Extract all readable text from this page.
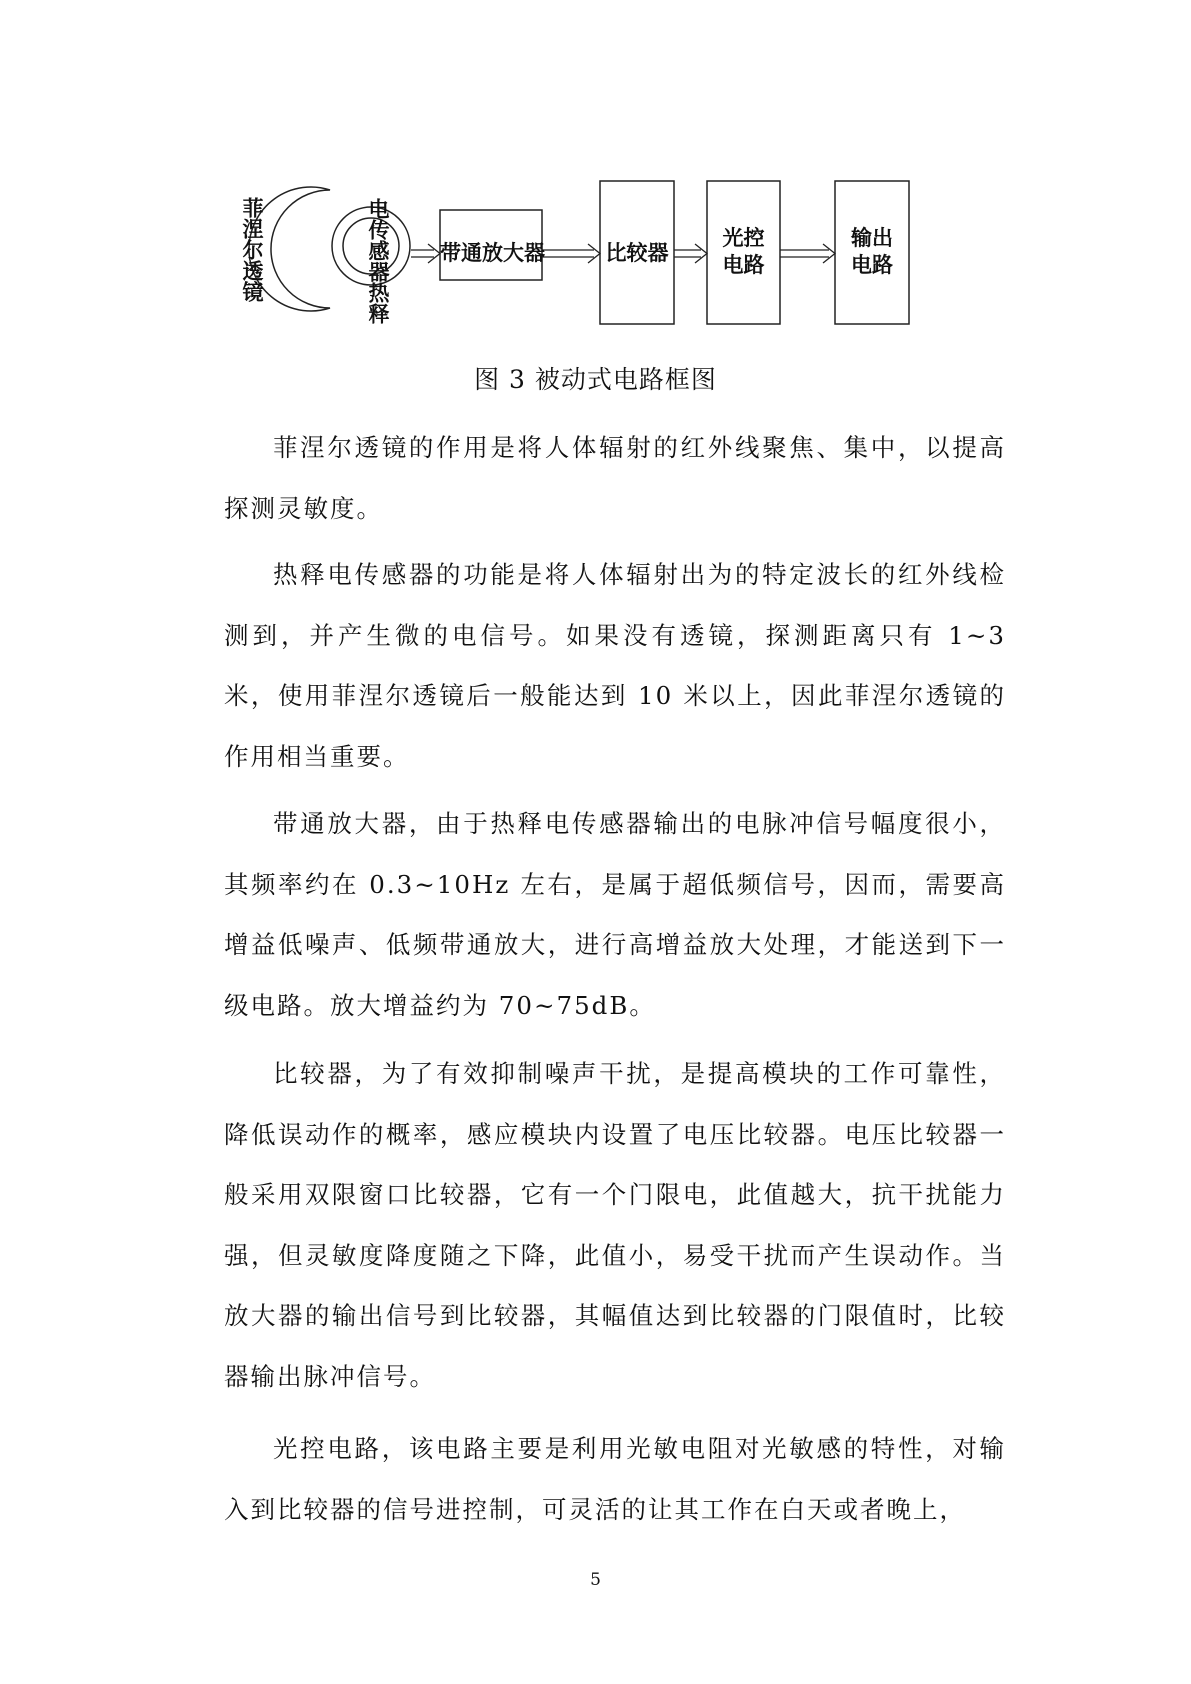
菲涅尔透镜
热释
电传感器 带通放大器	比较器
光控
电路
输出
电路
图 3 被动式电路框图

菲涅尔透镜的作用是将人体辐射的红外线聚焦、集中，以提高探测灵敏度。

热释电传感器的功能是将人体辐射出为的特定波长的红外线检测到，并产生微的电信号。如果没有透镜，探测距离只有 1~3 米，使用菲涅尔透镜后一般能达到 10 米以上，因此菲涅尔透镜的作用相当重要。

带通放大器，由于热释电传感器输出的电脉冲信号幅度很小，其频率约在 0.3~10Hz 左右，是属于超低频信号，因而，需要高增益低噪声、低频带通放大，进行高增益放大处理，才能送到下一级电路。放大增益约为 70~75dB。

比较器，为了有效抑制噪声干扰，是提高模块的工作可靠性，降低误动作的概率，感应模块内设置了电压比较器。电压比较器一般采用双限窗口比较器，它有一个门限电，此值越大，抗干扰能力强，但灵敏度降度随之下降，此值小，易受干扰而产生误动作。当放大器的输出信号到比较器，其幅值达到比较器的门限值时，比较器输出脉冲信号。

光控电路，该电路主要是利用光敏电阻对光敏感的特性，对输入到比较器的信号进控制，可灵活的让其工作在白天或者晚上，

5
